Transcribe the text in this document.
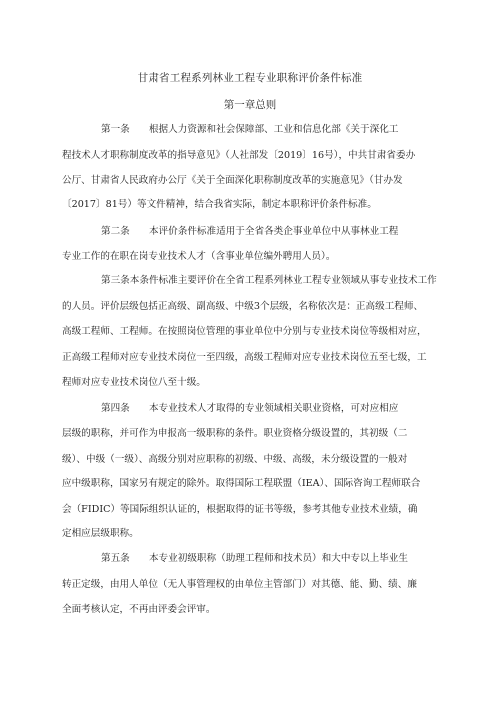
甘肃省工程系列林业工程专业职称评价条件标准
第一章总则
第一条　　根据人力资源和社会保障部、工业和信息化部《关于深化工
程技术人才职称制度改革的指导意见》（人社部发〔2019〕16号），中共甘肃省委办
公厅、甘肃省人民政府办公厅《关于全面深化职称制度改革的实施意见》（甘办发
〔2017〕81号）等文件精神，结合我省实际，制定本职称评价条件标准。
第二条　　本评价条件标准适用于全省各类企事业单位中从事林业工程
专业工作的在职在岗专业技术人才（含事业单位编外聘用人员）。
第三条本条件标准主要评价在全省工程系列林业工程专业领域从事专业技术工作
的人员。评价层级包括正高级、副高级、中级3个层级，名称依次是：正高级工程师、
高级工程师、工程师。在按照岗位管理的事业单位中分别与专业技术岗位等级相对应，
正高级工程师对应专业技术岗位一至四级，高级工程师对应专业技术岗位五至七级，工
程师对应专业技术岗位八至十级。
第四条　　本专业技术人才取得的专业领域相关职业资格，可对应相应
层级的职称，并可作为申报高一级职称的条件。职业资格分级设置的，其初级（二
级）、中级（一级）、高级分别对应职称的初级、中级、高级，未分级设置的一般对
应中级职称，国家另有规定的除外。取得国际工程联盟（IEA）、国际咨询工程师联合
会（FIDIC）等国际组织认证的，根据取得的证书等级，参考其他专业技术业绩，确
定相应层级职称。
第五条　　本专业初级职称（助理工程师和技术员）和大中专以上毕业生
转正定级，由用人单位（无人事管理权的由单位主管部门）对其德、能、勤、绩、廉
全面考核认定，不再由评委会评审。
